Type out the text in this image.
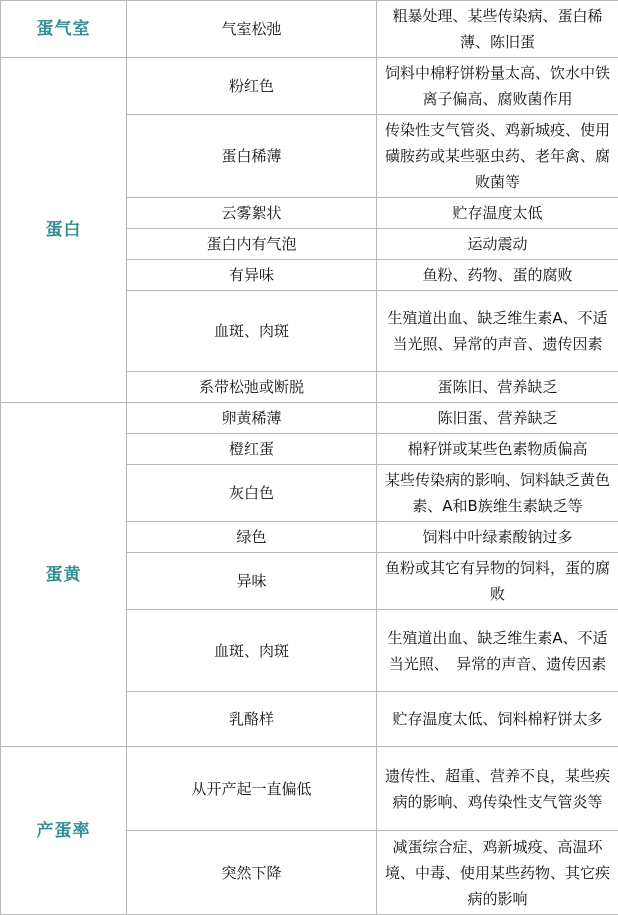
蛋气室	气室松弛	粗暴处理、某些传染病、蛋白稀薄、陈旧蛋
蛋白	粉红色	饲料中棉籽饼粉量太高、饮水中铁离子偏高、腐败菌作用
	蛋白稀薄	传染性支气管炎、鸡新城疫、使用磺胺药或某些驱虫药、老年禽、腐败菌等
	云雾絮状	贮存温度太低
	蛋白内有气泡	运动震动
	有异味	鱼粉、药物、蛋的腐败
	血斑、肉斑	生殖道出血、缺乏维生素A、不适当光照、异常的声音、遗传因素
	系带松弛或断脱	蛋陈旧、营养缺乏
蛋黄	卵黄稀薄	陈旧蛋、营养缺乏
	橙红蛋	棉籽饼或某些色素物质偏高
	灰白色	某些传染病的影响、饲料缺乏黄色素、A和B族维生素缺乏等
	绿色	饲料中叶绿素酸钠过多
	异味	鱼粉或其它有异物的饲料，蛋的腐败
	血斑、肉斑	生殖道出血、缺乏维生素A、不适当光照、　异常的声音、遗传因素
	乳酪样	贮存温度太低、饲料棉籽饼太多
产蛋率	从开产起一直偏低	遗传性、超重、营养不良，某些疾病的影响、鸡传染性支气管炎等
	突然下降	减蛋综合症、鸡新城疫、高温环境、中毒、使用某些药物、其它疾病的影响
